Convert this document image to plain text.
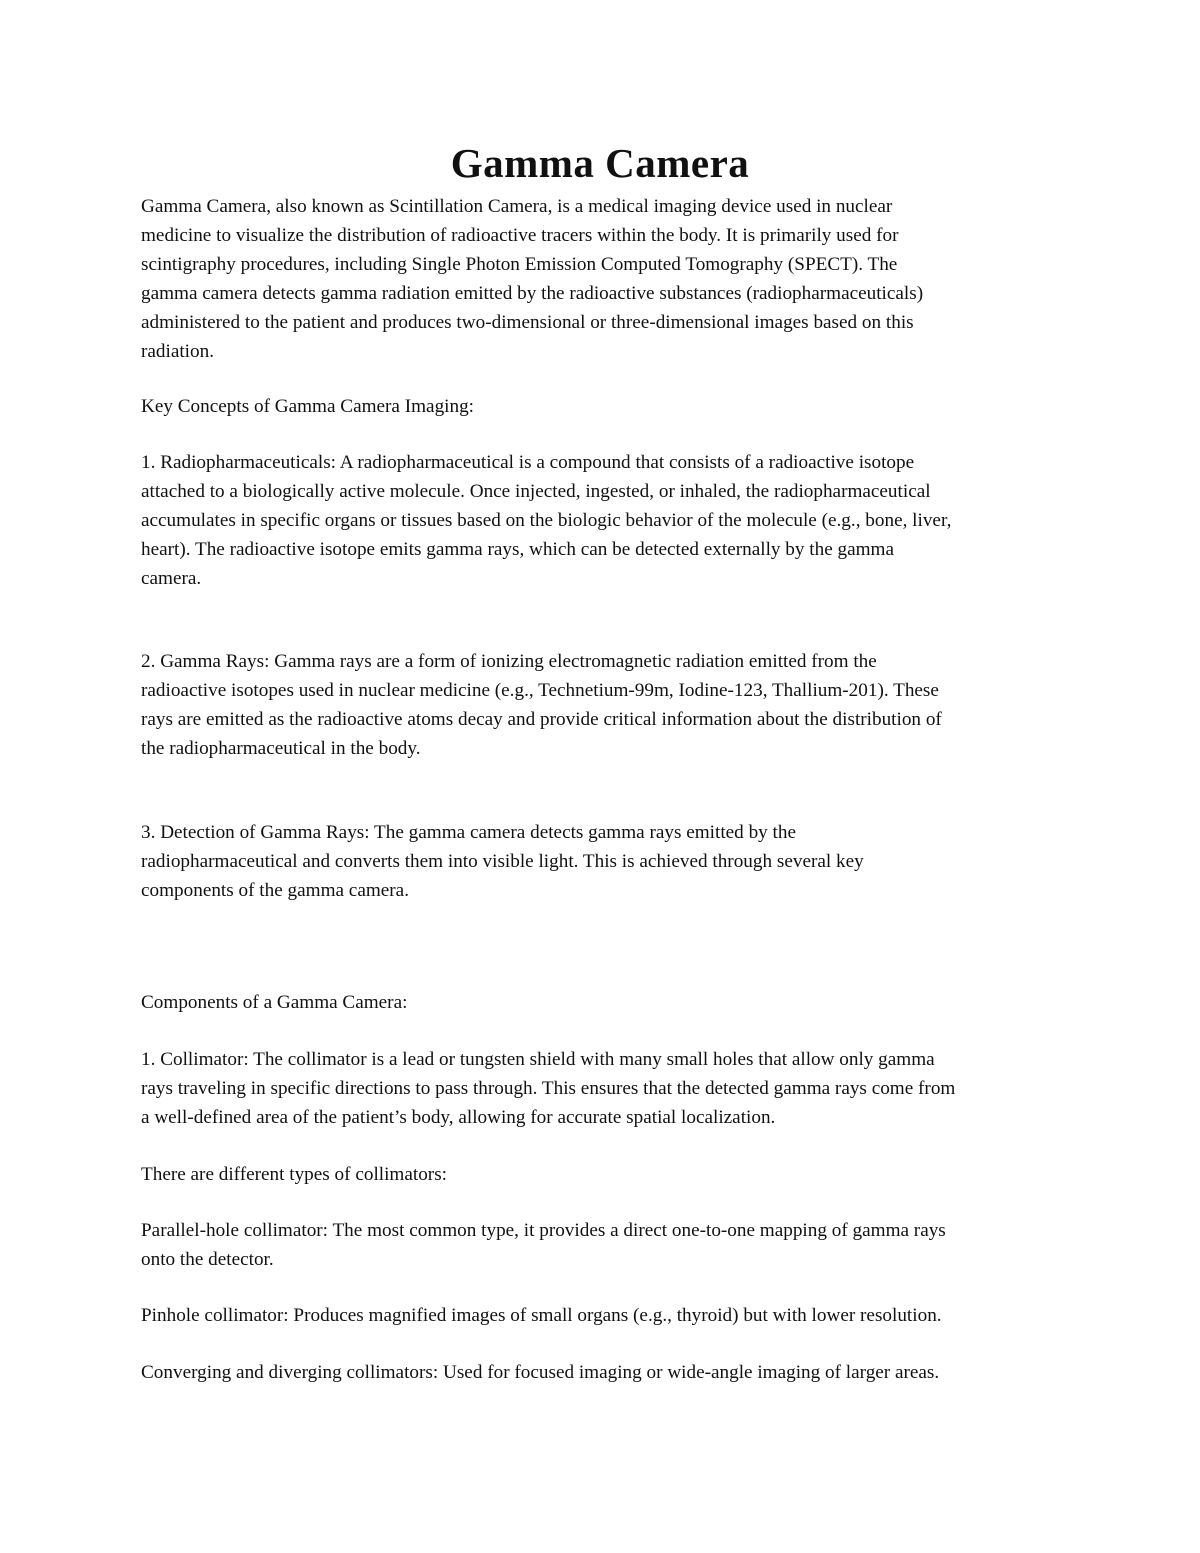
Gamma Camera

Gamma Camera, also known as Scintillation Camera, is a medical imaging device used in nuclear
medicine to visualize the distribution of radioactive tracers within the body. It is primarily used for
scintigraphy procedures, including Single Photon Emission Computed Tomography (SPECT). The
gamma camera detects gamma radiation emitted by the radioactive substances (radiopharmaceuticals)
administered to the patient and produces two-dimensional or three-dimensional images based on this
radiation.

Key Concepts of Gamma Camera Imaging:

1. Radiopharmaceuticals: A radiopharmaceutical is a compound that consists of a radioactive isotope
attached to a biologically active molecule. Once injected, ingested, or inhaled, the radiopharmaceutical
accumulates in specific organs or tissues based on the biologic behavior of the molecule (e.g., bone, liver,
heart). The radioactive isotope emits gamma rays, which can be detected externally by the gamma
camera.

2. Gamma Rays: Gamma rays are a form of ionizing electromagnetic radiation emitted from the
radioactive isotopes used in nuclear medicine (e.g., Technetium-99m, Iodine-123, Thallium-201). These
rays are emitted as the radioactive atoms decay and provide critical information about the distribution of
the radiopharmaceutical in the body.

3. Detection of Gamma Rays: The gamma camera detects gamma rays emitted by the
radiopharmaceutical and converts them into visible light. This is achieved through several key
components of the gamma camera.

Components of a Gamma Camera:

1. Collimator: The collimator is a lead or tungsten shield with many small holes that allow only gamma
rays traveling in specific directions to pass through. This ensures that the detected gamma rays come from
a well-defined area of the patient’s body, allowing for accurate spatial localization.

There are different types of collimators:

Parallel-hole collimator: The most common type, it provides a direct one-to-one mapping of gamma rays
onto the detector.

Pinhole collimator: Produces magnified images of small organs (e.g., thyroid) but with lower resolution.

Converging and diverging collimators: Used for focused imaging or wide-angle imaging of larger areas.
